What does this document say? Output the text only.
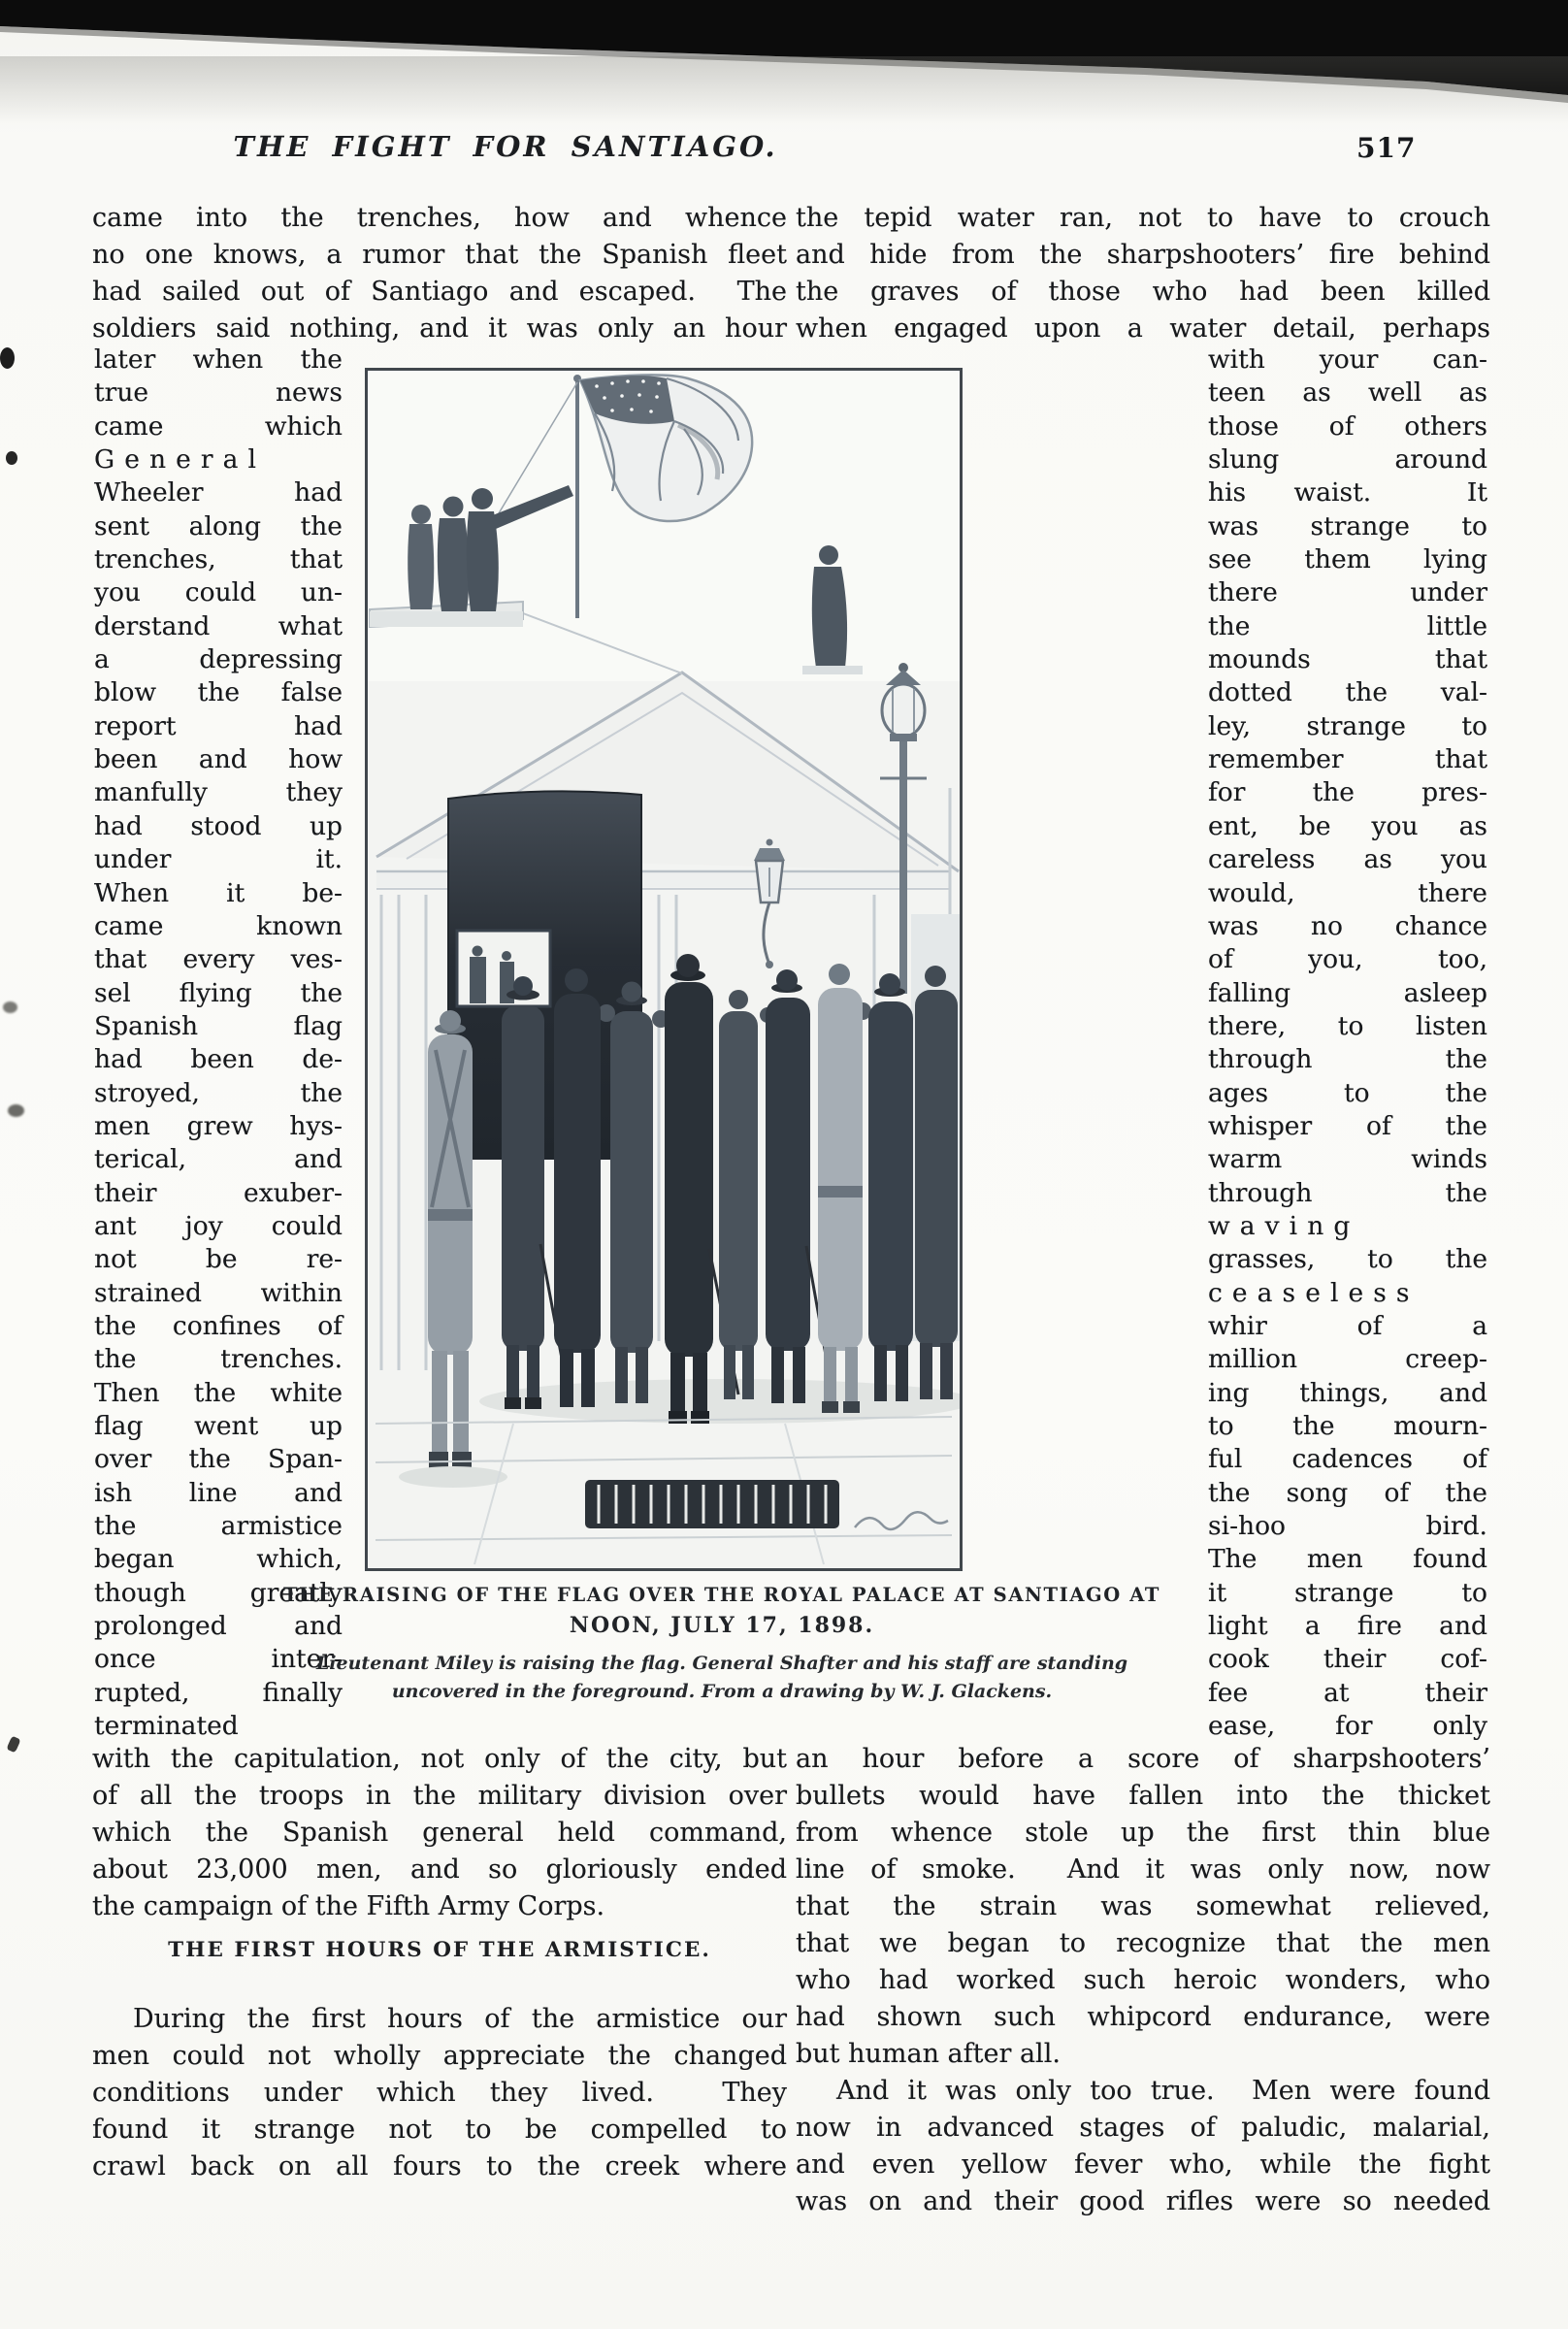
THE FIGHT FOR SANTIAGO.	517
came into the trenches, how and whence
no one knows, a rumor that the Spanish fleet
had sailed out of Santiago and escaped.  The
soldiers said nothing, and it was only an hour
the tepid water ran, not to have to crouch
and hide from the sharpshooters’ fire behind
the graves of those who had been killed
when engaged upon a water detail, perhaps
later when the
true news
came which
General
Wheeler had
sent along the
trenches, that
you could un-
derstand what
a depressing
blow the false
report had
been and how
manfully they
had stood up
under it.
When it be-
came known
that every ves-
sel flying the
Spanish flag
had been de-
stroyed, the
men grew hys-
terical, and
their exuber-
ant joy could
not be re-
strained within
the confines of
the trenches.
Then the white
flag went up
over the Span-
ish line and
the armistice
began which,
though greatly
prolonged and
once inter-
rupted, finally
terminated
with your can-
teen as well as
those of others
slung around
his waist.  It
was strange to
see them lying
there under
the little
mounds that
dotted the val-
ley, strange to
remember that
for the pres-
ent, be you as
careless as you
would, there
was no chance
of you, too,
falling asleep
there, to listen
through the
ages to the
whisper of the
warm winds
through the
waving
grasses, to the
ceaseless
whir of a
million creep-
ing things, and
to the mourn-
ful cadences of
the song of the
si-hoo bird.
The men found
it strange to
light a fire and
cook their cof-
fee at their
ease, for only
THE RAISING OF THE FLAG OVER THE ROYAL PALACE AT SANTIAGO AT
NOON, JULY 17, 1898.
Lieutenant Miley is raising the flag. General Shafter and his staff are standing
uncovered in the foreground. From a drawing by W. J. Glackens.
with the capitulation, not only of the city, but
of all the troops in the military division over
which the Spanish general held command,
about 23,000 men, and so gloriously ended
the campaign of the Fifth Army Corps.
THE FIRST HOURS OF THE ARMISTICE.
During the first hours of the armistice our
men could not wholly appreciate the changed
conditions under which they lived.  They
found it strange not to be compelled to
crawl back on all fours to the creek where
an hour before a score of sharpshooters’
bullets would have fallen into the thicket
from whence stole up the first thin blue
line of smoke.  And it was only now, now
that the strain was somewhat relieved,
that we began to recognize that the men
who had worked such heroic wonders, who
had shown such whipcord endurance, were
but human after all.
And it was only too true.  Men were found
now in advanced stages of paludic, malarial,
and even yellow fever who, while the fight
was on and their good rifles were so needed
